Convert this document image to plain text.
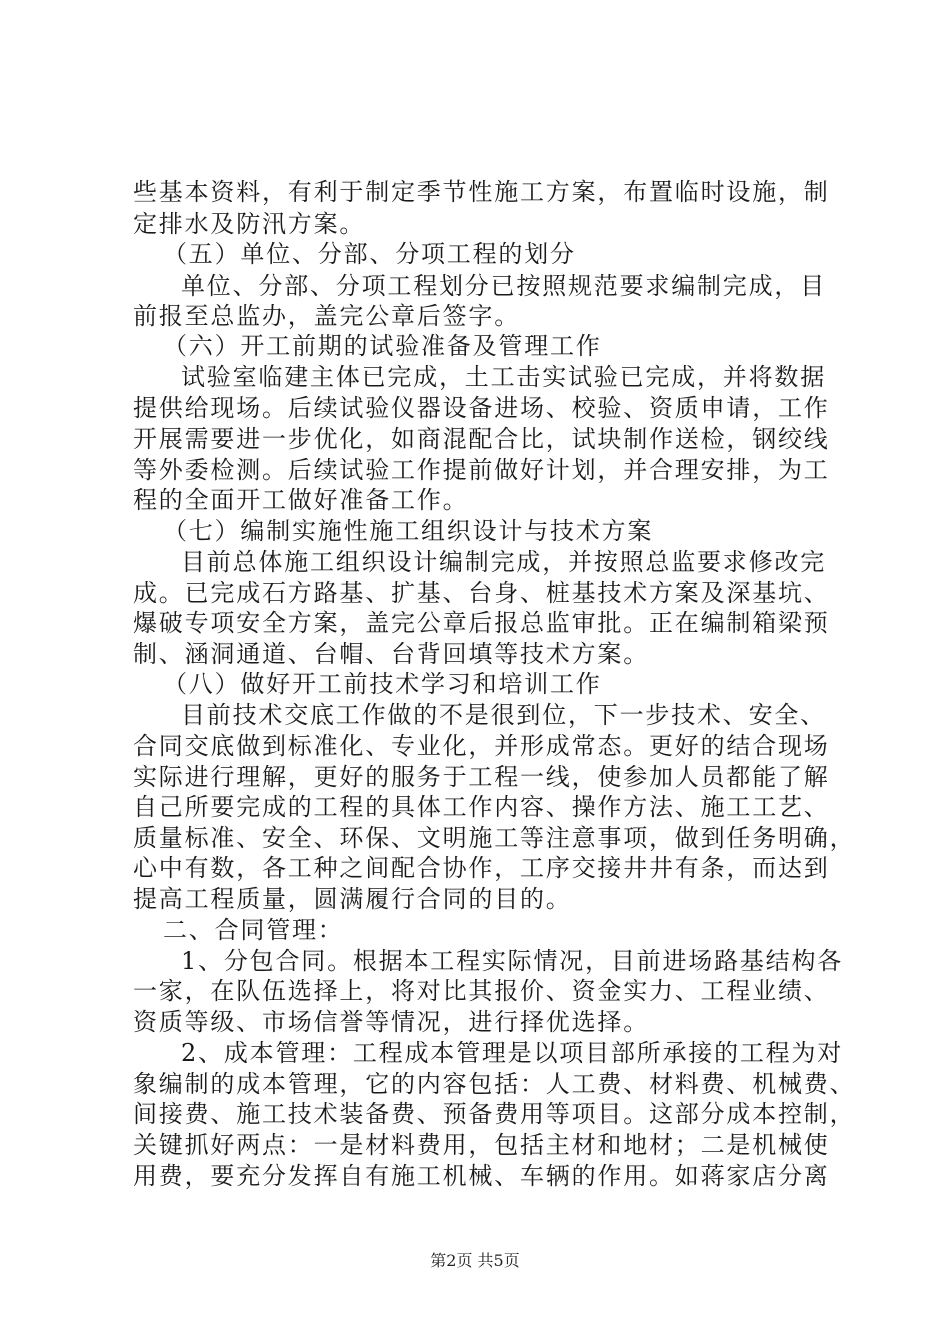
些基本资料，有利于制定季节性施工方案，布置临时设施，制
定排水及防汛方案。
（五）单位、分部、分项工程的划分
单位、分部、分项工程划分已按照规范要求编制完成，目
前报至总监办，盖完公章后签字。
（六）开工前期的试验准备及管理工作
试验室临建主体已完成，土工击实试验已完成，并将数据
提供给现场。后续试验仪器设备进场、校验、资质申请，工作
开展需要进一步优化，如商混配合比，试块制作送检，钢绞线
等外委检测。后续试验工作提前做好计划，并合理安排，为工
程的全面开工做好准备工作。
（七）编制实施性施工组织设计与技术方案
目前总体施工组织设计编制完成，并按照总监要求修改完
成。已完成石方路基、扩基、台身、桩基技术方案及深基坑、
爆破专项安全方案，盖完公章后报总监审批。正在编制箱梁预
制、涵洞通道、台帽、台背回填等技术方案。
（八）做好开工前技术学习和培训工作
目前技术交底工作做的不是很到位，下一步技术、安全、
合同交底做到标准化、专业化，并形成常态。更好的结合现场
实际进行理解，更好的服务于工程一线，使参加人员都能了解
自己所要完成的工程的具体工作内容、操作方法、施工工艺、
质量标准、安全、环保、文明施工等注意事项，做到任务明确，
心中有数，各工种之间配合协作，工序交接井井有条，而达到
提高工程质量，圆满履行合同的目的。
二、合同管理：
1、分包合同。根据本工程实际情况，目前进场路基结构各
一家，在队伍选择上，将对比其报价、资金实力、工程业绩、
资质等级、市场信誉等情况，进行择优选择。
2、成本管理：工程成本管理是以项目部所承接的工程为对
象编制的成本管理，它的内容包括：人工费、材料费、机械费、
间接费、施工技术装备费、预备费用等项目。这部分成本控制，
关键抓好两点：一是材料费用，包括主材和地材；二是机械使
用费，要充分发挥自有施工机械、车辆的作用。如蒋家店分离
第2页 共5页
